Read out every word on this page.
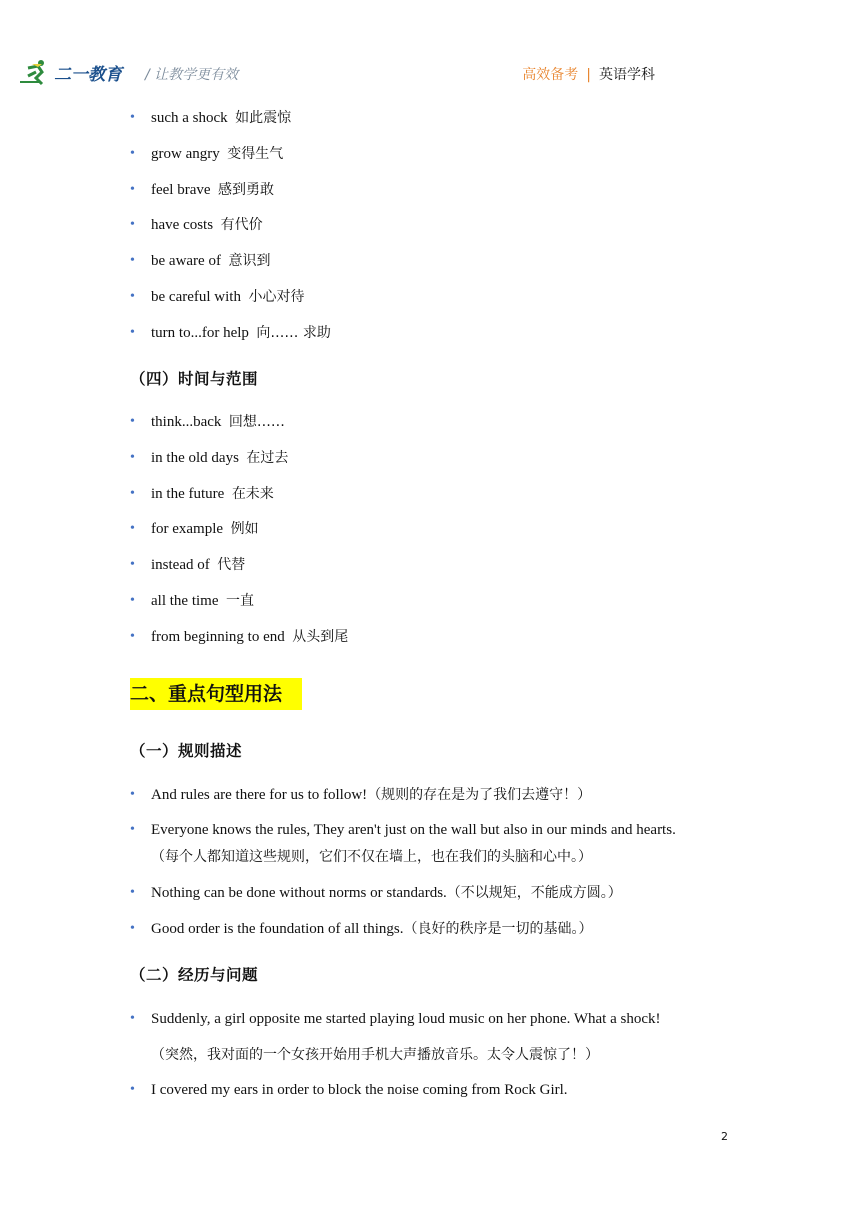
二一教育 / 让教学更有效	高效备考 | 英语学科
• such a shock 如此震惊
• grow angry 变得生气
• feel brave 感到勇敢
• have costs 有代价
• be aware of 意识到
• be careful with 小心对待
• turn to...for help 向…… 求助
（四）时间与范围
• think...back 回想……
• in the old days 在过去
• in the future 在未来
• for example 例如
• instead of 代替
• all the time 一直
• from beginning to end 从头到尾
二、重点句型用法
（一）规则描述
• And rules are there for us to follow!（规则的存在是为了我们去遵守！）
• Everyone knows the rules, They aren't just on the wall but also in our minds and hearts.
（每个人都知道这些规则，它们不仅在墙上，也在我们的头脑和心中。）
• Nothing can be done without norms or standards.（不以规矩，不能成方圆。）
• Good order is the foundation of all things.（良好的秩序是一切的基础。）
（二）经历与问题
• Suddenly, a girl opposite me started playing loud music on her phone. What a shock!
（突然，我对面的一个女孩开始用手机大声播放音乐。太令人震惊了！）
• I covered my ears in order to block the noise coming from Rock Girl.
2
